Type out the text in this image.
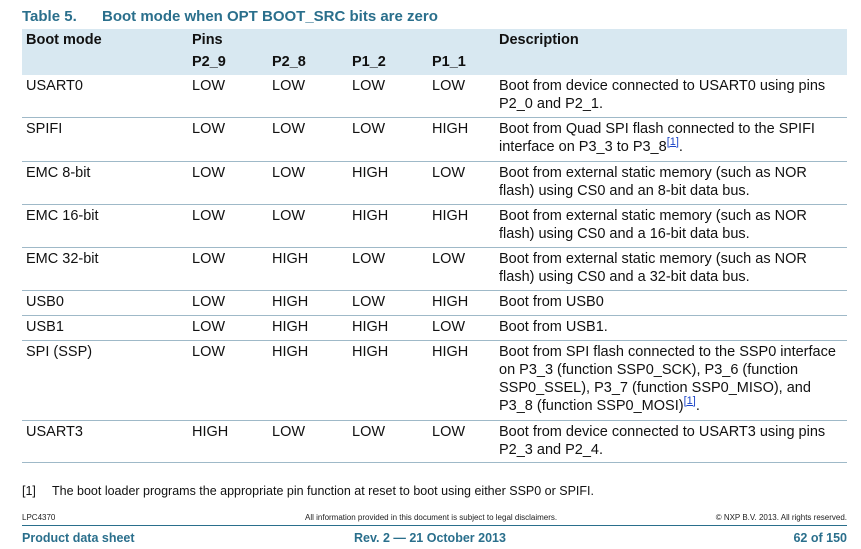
Table 5. Boot mode when OPT BOOT_SRC bits are zero
Boot mode	Pins				Description
	P2_9	P2_8	P1_2	P1_1	
USART0	LOW	LOW	LOW	LOW	Boot from device connected to USART0 using pins P2_0 and P2_1.
SPIFI	LOW	LOW	LOW	HIGH	Boot from Quad SPI flash connected to the SPIFI interface on P3_3 to P3_8[1].
EMC 8-bit	LOW	LOW	HIGH	LOW	Boot from external static memory (such as NOR flash) using CS0 and an 8-bit data bus.
EMC 16-bit	LOW	LOW	HIGH	HIGH	Boot from external static memory (such as NOR flash) using CS0 and a 16-bit data bus.
EMC 32-bit	LOW	HIGH	LOW	LOW	Boot from external static memory (such as NOR flash) using CS0 and a 32-bit data bus.
USB0	LOW	HIGH	LOW	HIGH	Boot from USB0
USB1	LOW	HIGH	HIGH	LOW	Boot from USB1.
SPI (SSP)	LOW	HIGH	HIGH	HIGH	Boot from SPI flash connected to the SSP0 interface on P3_3 (function SSP0_SCK), P3_6 (function SSP0_SSEL), P3_7 (function SSP0_MISO), and P3_8 (function SSP0_MOSI)[1].
USART3	HIGH	LOW	LOW	LOW	Boot from device connected to USART3 using pins P2_3 and P2_4.
[1] The boot loader programs the appropriate pin function at reset to boot using either SSP0 or SPIFI.
LPC4370	All information provided in this document is subject to legal disclaimers.	© NXP B.V. 2013. All rights reserved.
Product data sheet	Rev. 2 — 21 October 2013	62 of 150
